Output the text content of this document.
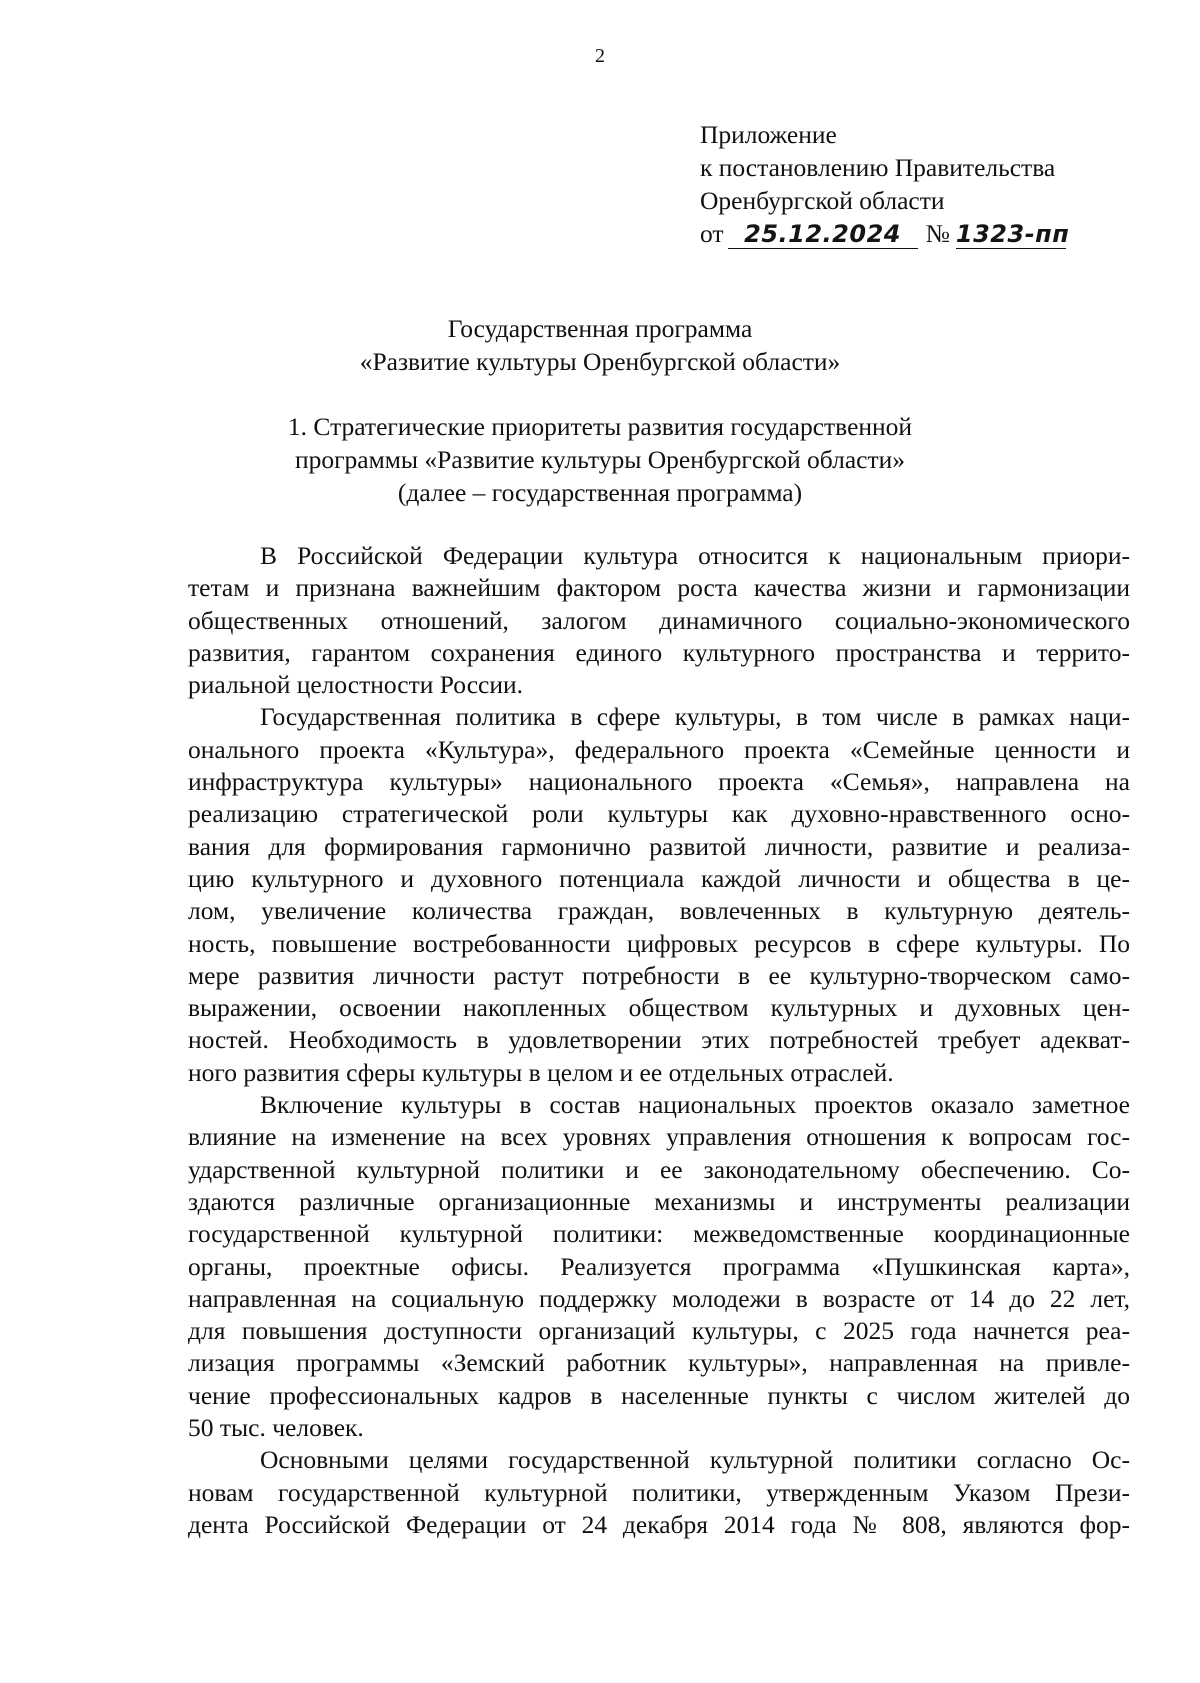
2
Приложение
к постановлению Правительства
Оренбургской области
от 25.12.2024 № 1323-пп
Государственная программа
«Развитие культуры Оренбургской области»
1. Стратегические приоритеты развития государственной
программы «Развитие культуры Оренбургской области»
(далее – государственная программа)
В Российской Федерации культура относится к национальным приори-
тетам и признана важнейшим фактором роста качества жизни и гармонизации
общественных отношений, залогом динамичного социально-экономического
развития, гарантом сохранения единого культурного пространства и террито-
риальной целостности России.
Государственная политика в сфере культуры, в том числе в рамках наци-
онального проекта «Культура», федерального проекта «Семейные ценности и
инфраструктура культуры» национального проекта «Семья», направлена на
реализацию стратегической роли культуры как духовно-нравственного осно-
вания для формирования гармонично развитой личности, развитие и реализа-
цию культурного и духовного потенциала каждой личности и общества в це-
лом, увеличение количества граждан, вовлеченных в культурную деятель-
ность, повышение востребованности цифровых ресурсов в сфере культуры. По
мере развития личности растут потребности в ее культурно-творческом само-
выражении, освоении накопленных обществом культурных и духовных цен-
ностей. Необходимость в удовлетворении этих потребностей требует адекват-
ного развития сферы культуры в целом и ее отдельных отраслей.
Включение культуры в состав национальных проектов оказало заметное
влияние на изменение на всех уровнях управления отношения к вопросам гос-
ударственной культурной политики и ее законодательному обеспечению. Со-
здаются различные организационные механизмы и инструменты реализации
государственной культурной политики: межведомственные координационные
органы, проектные офисы. Реализуется программа «Пушкинская карта»,
направленная на социальную поддержку молодежи в возрасте от 14 до 22 лет,
для повышения доступности организаций культуры, с 2025 года начнется реа-
лизация программы «Земский работник культуры», направленная на привле-
чение профессиональных кадров в населенные пункты с числом жителей до
50 тыс. человек.
Основными целями государственной культурной политики согласно Ос-
новам государственной культурной политики, утвержденным Указом Прези-
дента Российской Федерации от 24 декабря 2014 года № 808, являются фор-
